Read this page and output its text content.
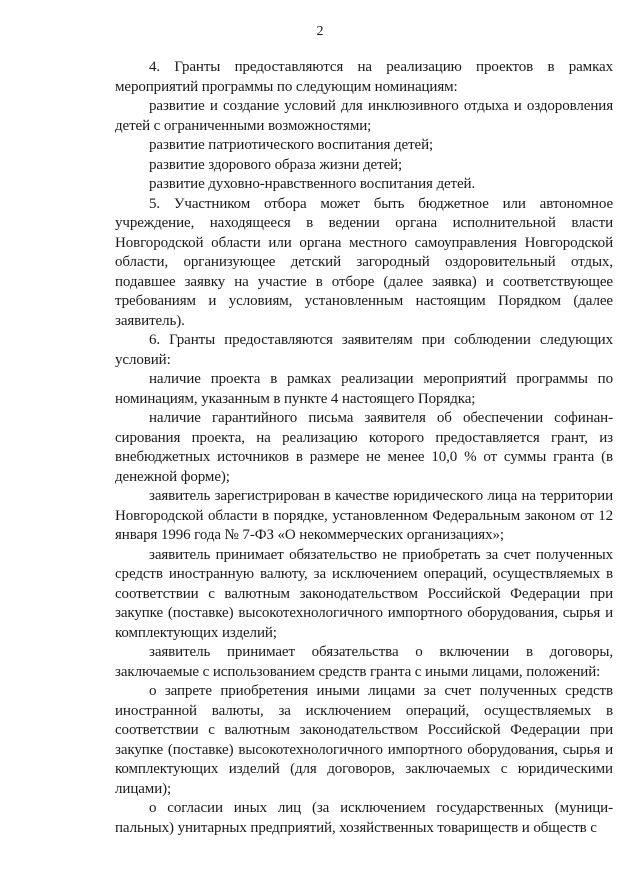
2

4. Гранты предоставляются на реализацию проектов в рамках мероприятий программы по следующим номинациям:

развитие и создание условий для инклюзивного отдыха и оздоровления детей с ограниченными возможностями;

развитие патриотического воспитания детей;

развитие здорового образа жизни детей;

развитие духовно-нравственного воспитания детей.

5. Участником отбора может быть бюджетное или автономное учреждение, находящееся в ведении органа исполнительной власти Новгородской области или органа местного самоуправления Новгородской области, организующее детский загородный оздоровительный отдых, подавшее заявку на участие в отборе (далее заявка) и соответствующее требованиям и условиям, установленным настоящим Порядком (далее заявитель).

6. Гранты предоставляются заявителям при соблюдении следующих условий:

наличие проекта в рамках реализации мероприятий программы по номинациям, указанным в пункте 4 настоящего Порядка;

наличие гарантийного письма заявителя об обеспечении софинан-сирования проекта, на реализацию которого предоставляется грант, из внебюджетных источников в размере не менее 10,0 % от суммы гранта (в денежной форме);

заявитель зарегистрирован в качестве юридического лица на территории Новгородской области в порядке, установленном Федеральным законом от 12 января 1996 года № 7-ФЗ «О некоммерческих организациях»;

заявитель принимает обязательство не приобретать за счет полученных средств иностранную валюту, за исключением операций, осуществляемых в соответствии с валютным законодательством Российской Федерации при закупке (поставке) высокотехнологичного импортного оборудования, сырья и комплектующих изделий;

заявитель принимает обязательства о включении в договоры, заключаемые с использованием средств гранта с иными лицами, положений:

о запрете приобретения иными лицами за счет полученных средств иностранной валюты, за исключением операций, осуществляемых в соответствии с валютным законодательством Российской Федерации при закупке (поставке) высокотехнологичного импортного оборудования, сырья и комплектующих изделий (для договоров, заключаемых с юридическими лицами);

о согласии иных лиц (за исключением государственных (муници-пальных) унитарных предприятий, хозяйственных товариществ и обществ с
